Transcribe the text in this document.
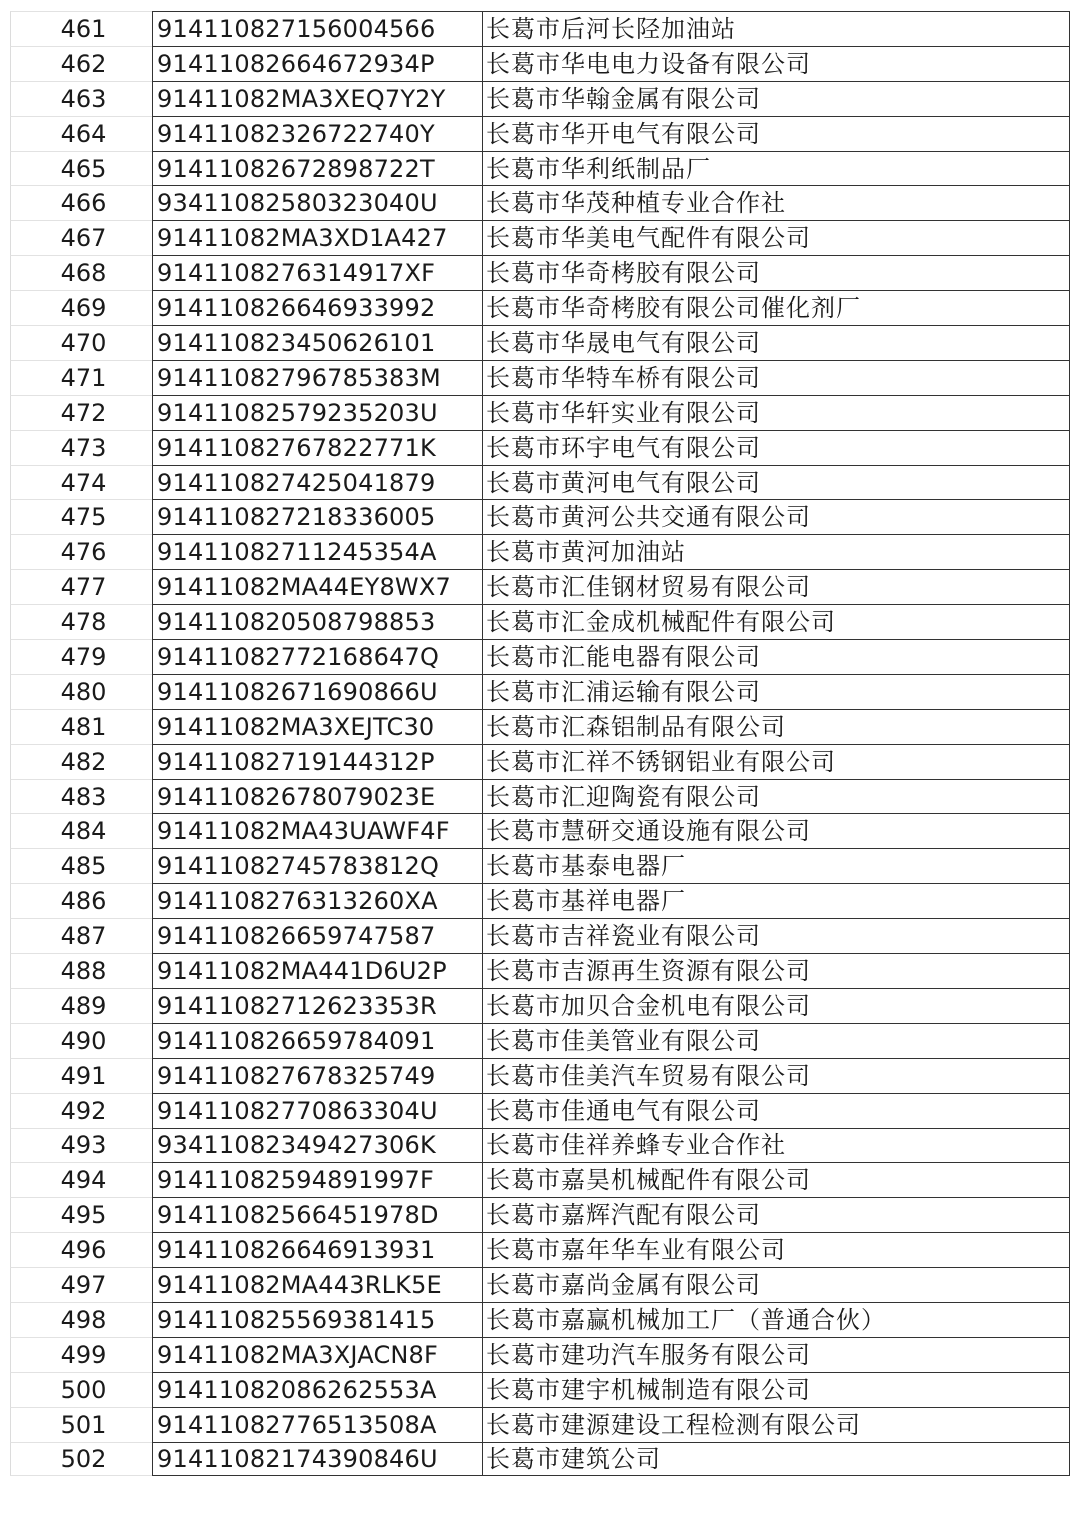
461	914110827156004566	长葛市后河长陉加油站
462	91411082664672934P	长葛市华电电力设备有限公司
463	91411082MA3XEQ7Y2Y	长葛市华翰金属有限公司
464	91411082326722740Y	长葛市华开电气有限公司
465	91411082672898722T	长葛市华利纸制品厂
466	93411082580323040U	长葛市华茂种植专业合作社
467	91411082MA3XD1A427	长葛市华美电气配件有限公司
468	9141108276314917XF	长葛市华奇栲胶有限公司
469	914110826646933992	长葛市华奇栲胶有限公司催化剂厂
470	914110823450626101	长葛市华晟电气有限公司
471	91411082796785383M	长葛市华特车桥有限公司
472	91411082579235203U	长葛市华轩实业有限公司
473	91411082767822771K	长葛市环宇电气有限公司
474	914110827425041879	长葛市黄河电气有限公司
475	914110827218336005	长葛市黄河公共交通有限公司
476	91411082711245354A	长葛市黄河加油站
477	91411082MA44EY8WX7	长葛市汇佳钢材贸易有限公司
478	914110820508798853	长葛市汇金成机械配件有限公司
479	91411082772168647Q	长葛市汇能电器有限公司
480	91411082671690866U	长葛市汇浦运输有限公司
481	91411082MA3XEJTC30	长葛市汇森铝制品有限公司
482	91411082719144312P	长葛市汇祥不锈钢铝业有限公司
483	91411082678079023E	长葛市汇迎陶瓷有限公司
484	91411082MA43UAWF4F	长葛市慧研交通设施有限公司
485	91411082745783812Q	长葛市基泰电器厂
486	9141108276313260XA	长葛市基祥电器厂
487	914110826659747587	长葛市吉祥瓷业有限公司
488	91411082MA441D6U2P	长葛市吉源再生资源有限公司
489	91411082712623353R	长葛市加贝合金机电有限公司
490	914110826659784091	长葛市佳美管业有限公司
491	914110827678325749	长葛市佳美汽车贸易有限公司
492	91411082770863304U	长葛市佳通电气有限公司
493	93411082349427306K	长葛市佳祥养蜂专业合作社
494	91411082594891997F	长葛市嘉昊机械配件有限公司
495	91411082566451978D	长葛市嘉辉汽配有限公司
496	914110826646913931	长葛市嘉年华车业有限公司
497	91411082MA443RLK5E	长葛市嘉尚金属有限公司
498	914110825569381415	长葛市嘉赢机械加工厂（普通合伙）
499	91411082MA3XJACN8F	长葛市建功汽车服务有限公司
500	91411082086262553A	长葛市建宇机械制造有限公司
501	91411082776513508A	长葛市建源建设工程检测有限公司
502	91411082174390846U	长葛市建筑公司
